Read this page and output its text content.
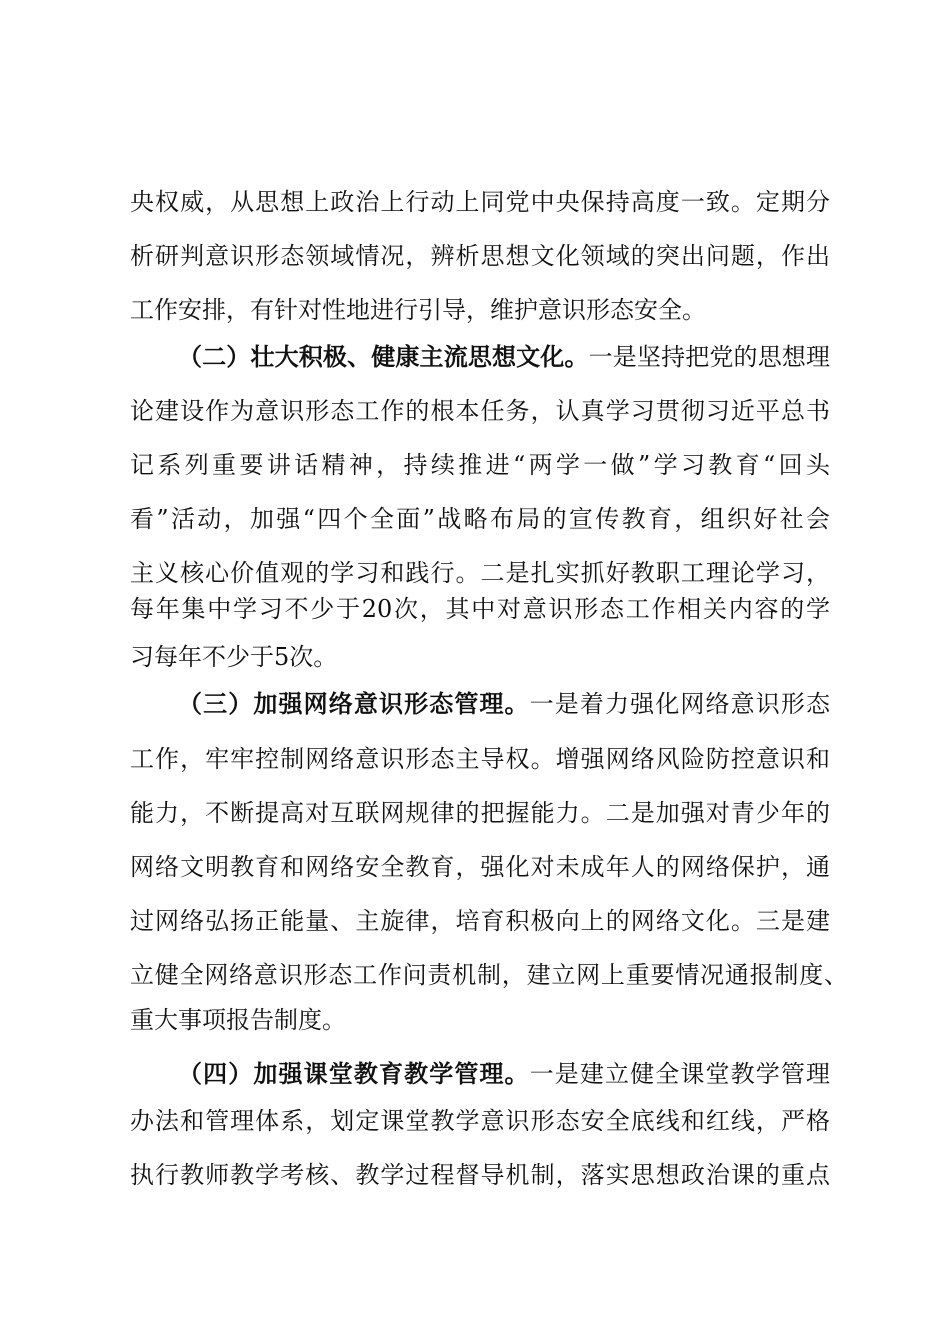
央权威，从思想上政治上行动上同党中央保持高度一致。定期分
析研判意识形态领域情况，辨析思想文化领域的突出问题，作出
工作安排，有针对性地进行引导，维护意识形态安全。
（二）壮大积极、健康主流思想文化。一是坚持把党的思想理
论建设作为意识形态工作的根本任务，认真学习贯彻习近平总书
记系列重要讲话精神，持续推进“两学一做”学习教育“回头
看”活动，加强“四个全面”战略布局的宣传教育，组织好社会
主义核心价值观的学习和践行。二是扎实抓好教职工理论学习，
每年集中学习不少于20次，其中对意识形态工作相关内容的学
习每年不少于5次。
（三）加强网络意识形态管理。一是着力强化网络意识形态
工作，牢牢控制网络意识形态主导权。增强网络风险防控意识和
能力，不断提高对互联网规律的把握能力。二是加强对青少年的
网络文明教育和网络安全教育，强化对未成年人的网络保护，通
过网络弘扬正能量、主旋律，培育积极向上的网络文化。三是建
立健全网络意识形态工作问责机制，建立网上重要情况通报制度、
重大事项报告制度。
（四）加强课堂教育教学管理。一是建立健全课堂教学管理
办法和管理体系，划定课堂教学意识形态安全底线和红线，严格
执行教师教学考核、教学过程督导机制，落实思想政治课的重点
